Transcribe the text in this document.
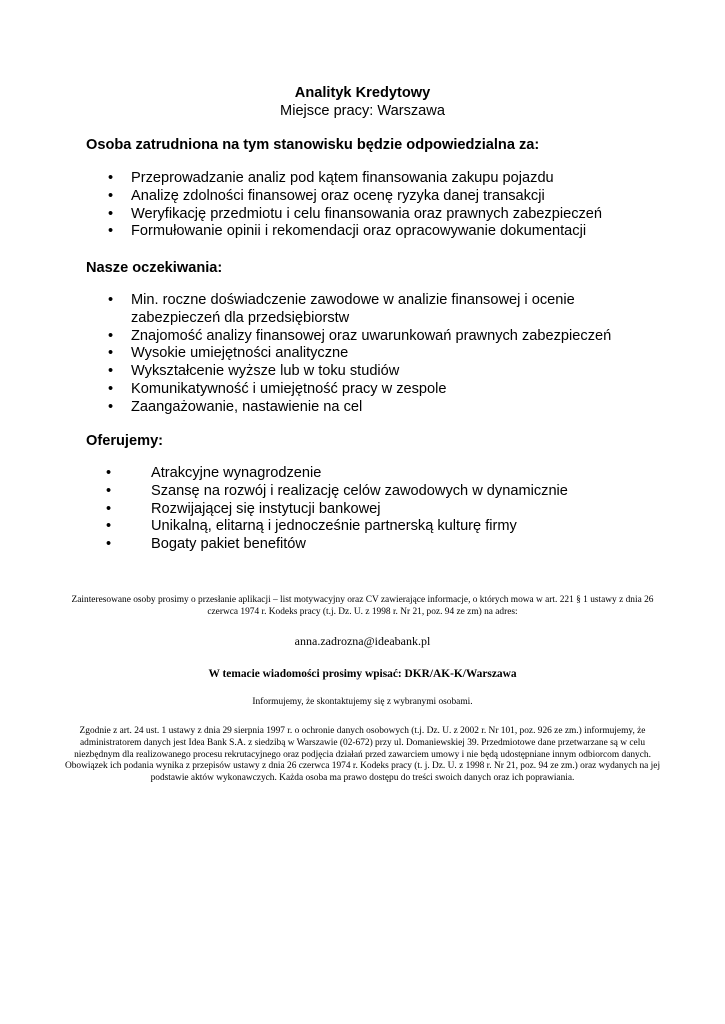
Analityk Kredytowy
Miejsce pracy: Warszawa
Osoba zatrudniona na tym stanowisku będzie odpowiedzialna za:
• Przeprowadzanie analiz pod kątem finansowania zakupu pojazdu
• Analizę zdolności finansowej oraz ocenę ryzyka danej transakcji
• Weryfikację przedmiotu i celu finansowania oraz prawnych zabezpieczeń
• Formułowanie opinii i rekomendacji oraz opracowywanie dokumentacji
Nasze oczekiwania:
• Min. roczne doświadczenie zawodowe w analizie finansowej i ocenie zabezpieczeń dla przedsiębiorstw
• Znajomość analizy finansowej oraz uwarunkowań prawnych zabezpieczeń
• Wysokie umiejętności analityczne
• Wykształcenie wyższe lub w toku studiów
• Komunikatywność i umiejętność pracy w zespole
• Zaangażowanie, nastawienie na cel
Oferujemy:
•	Atrakcyjne wynagrodzenie
•	Szansę na rozwój i realizację celów zawodowych w dynamicznie
•	Rozwijającej się instytucji bankowej
•	Unikalną, elitarną i jednocześnie partnerską kulturę firmy
•	Bogaty pakiet benefitów
Zainteresowane osoby prosimy o przesłanie aplikacji – list motywacyjny oraz CV zawierające informacje, o których mowa w art. 221 § 1 ustawy z dnia 26 czerwca 1974 r. Kodeks pracy (t.j. Dz. U. z 1998 r. Nr 21, poz. 94 ze zm) na adres:
anna.zadrozna@ideabank.pl
W temacie wiadomości prosimy wpisać: DKR/AK-K/Warszawa
Informujemy, że skontaktujemy się z wybranymi osobami.
Zgodnie z art. 24 ust. 1 ustawy z dnia 29 sierpnia 1997 r. o ochronie danych osobowych (t.j. Dz. U. z 2002 r. Nr 101, poz. 926 ze zm.) informujemy, że administratorem danych jest Idea Bank S.A. z siedzibą w Warszawie (02-672) przy ul. Domaniewskiej 39. Przedmiotowe dane przetwarzane są w celu niezbędnym dla realizowanego procesu rekrutacyjnego oraz podjęcia działań przed zawarciem umowy i nie będą udostępniane innym odbiorcom danych. Obowiązek ich podania wynika z przepisów ustawy z dnia 26 czerwca 1974 r. Kodeks pracy (t. j. Dz. U. z 1998 r. Nr 21, poz. 94 ze zm.) oraz wydanych na jej podstawie aktów wykonawczych. Każda osoba ma prawo dostępu do treści swoich danych oraz ich poprawiania.
